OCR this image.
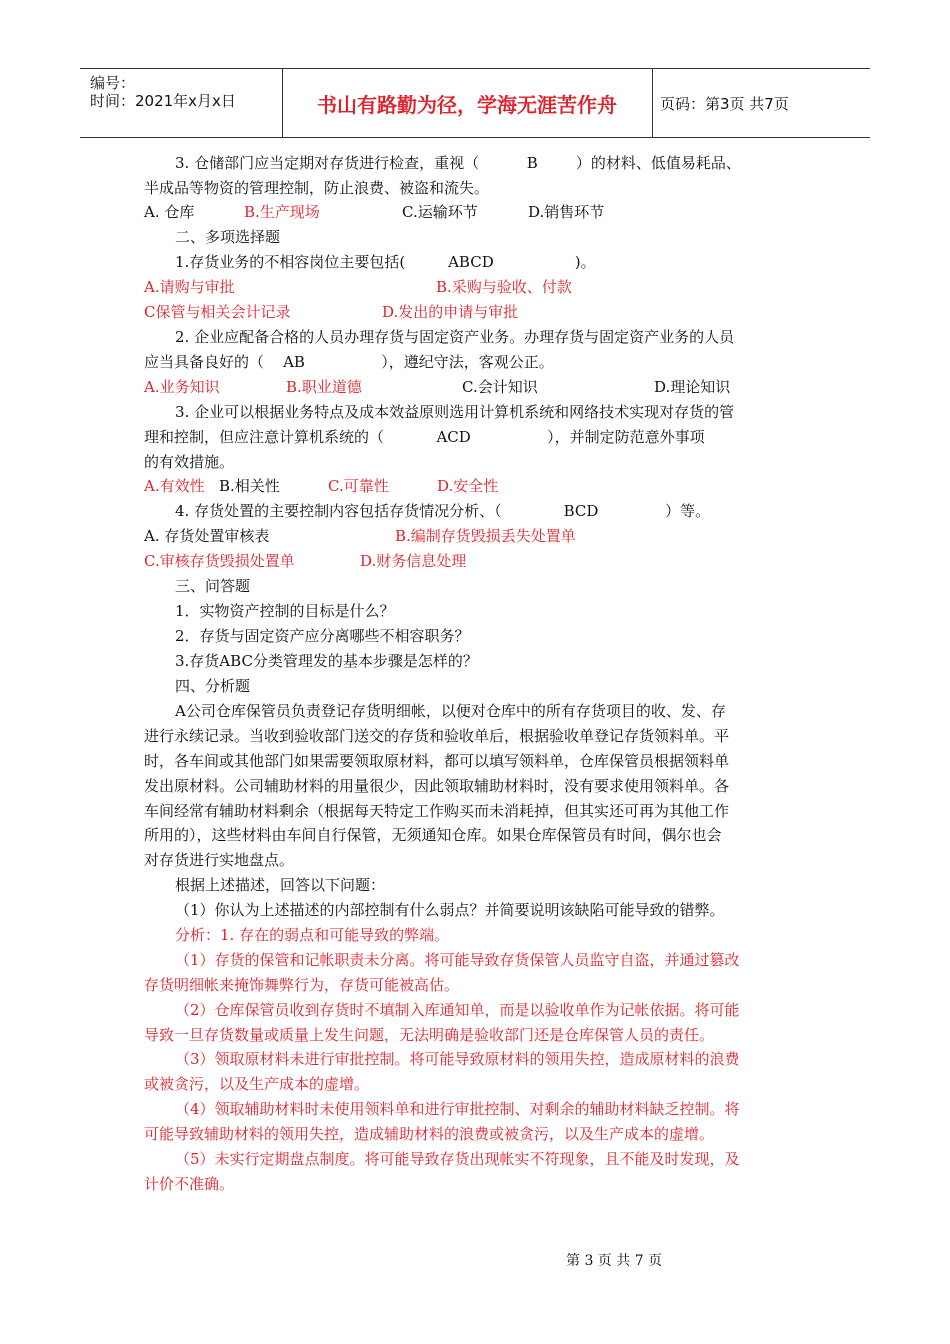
编号：
时间：2021年x月x日	书山有路勤为径，学海无涯苦作舟	页码：第3页 共7页
3. 仓储部门应当定期对存货进行检查，重视（          B        ）的材料、低值易耗品、
半成品等物资的管理控制，防止浪费、被盗和流失。
A. 仓库	B.生产现场	C.运输环节	D.销售环节
二、多项选择题
1.存货业务的不相容岗位主要包括(         ABCD                 )。
A.请购与审批	B.采购与验收、付款
C保管与相关会计记录	D.发出的申请与审批
2. 企业应配备合格的人员办理存货与固定资产业务。办理存货与固定资产业务的人员
应当具备良好的（    AB                ），遵纪守法，客观公正。
A.业务知识	B.职业道德	C.会计知识	D.理论知识
3. 企业可以根据业务特点及成本效益原则选用计算机系统和网络技术实现对存货的管
理和控制，但应注意计算机系统的（           ACD                ），并制定防范意外事项
的有效措施。
A.有效性 B.相关性	C.可靠性	D.安全性
4. 存货处置的主要控制内容包括存货情况分析、（             BCD              ）等。
A. 存货处置审核表	B.编制存货毁损丢失处置单
C.审核存货毁损处置单	D.财务信息处理
三、问答题
1．实物资产控制的目标是什么？
2．存货与固定资产应分离哪些不相容职务？
3.存货ABC分类管理发的基本步骤是怎样的？
四、分析题
A公司仓库保管员负责登记存货明细帐，以便对仓库中的所有存货项目的收、发、存
进行永续记录。当收到验收部门送交的存货和验收单后，根据验收单登记存货领料单。平
时，各车间或其他部门如果需要领取原材料，都可以填写领料单，仓库保管员根据领料单
发出原材料。公司辅助材料的用量很少，因此领取辅助材料时，没有要求使用领料单。各
车间经常有辅助材料剩余（根据每天特定工作购买而未消耗掉，但其实还可再为其他工作
所用的），这些材料由车间自行保管，无须通知仓库。如果仓库保管员有时间，偶尔也会
对存货进行实地盘点。
根据上述描述，回答以下问题：
（1）你认为上述描述的内部控制有什么弱点？并简要说明该缺陷可能导致的错弊。
分析：1. 存在的弱点和可能导致的弊端。
（1）存货的保管和记帐职责未分离。将可能导致存货保管人员监守自盗，并通过篡改
存货明细帐来掩饰舞弊行为，存货可能被高估。
（2）仓库保管员收到存货时不填制入库通知单，而是以验收单作为记帐依据。将可能
导致一旦存货数量或质量上发生问题，无法明确是验收部门还是仓库保管人员的责任。
（3）领取原材料未进行审批控制。将可能导致原材料的领用失控，造成原材料的浪费
或被贪污，以及生产成本的虚增。
（4）领取辅助材料时未使用领料单和进行审批控制、对剩余的辅助材料缺乏控制。将
可能导致辅助材料的领用失控，造成辅助材料的浪费或被贪污，以及生产成本的虚增。
（5）未实行定期盘点制度。将可能导致存货出现帐实不符现象，且不能及时发现，及
计价不准确。
第 3 页 共 7 页
